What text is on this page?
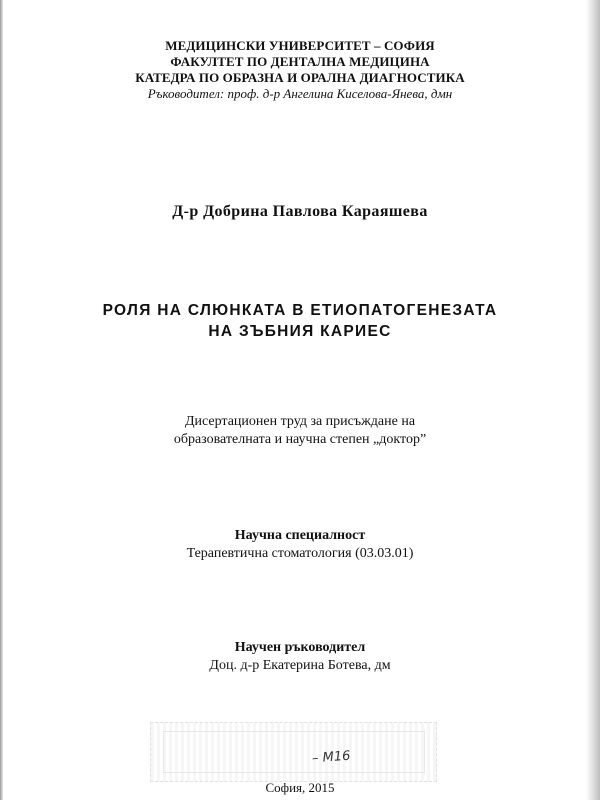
МЕДИЦИНСКИ УНИВЕРСИТЕТ – СОФИЯ
ФАКУЛТЕТ ПО ДЕНТАЛНА МЕДИЦИНА
КАТЕДРА ПО ОБРАЗНА И ОРАЛНА ДИАГНОСТИКА
Ръководител: проф. д-р Ангелина Киселова-Янева, дмн
Д-р Добрина Павлова Караяшева
РОЛЯ НА СЛЮНКАТА В ЕТИОПАТОГЕНЕЗАТА
НА ЗЪБНИЯ КАРИЕС
Дисертационен труд за присъждане на
образователната и научна степен „доктор”
Научна специалност
Терапевтична стоматология (03.03.01)
Научен ръководител
Доц. д-р Екатерина Ботева, дм
– М16
София, 2015
